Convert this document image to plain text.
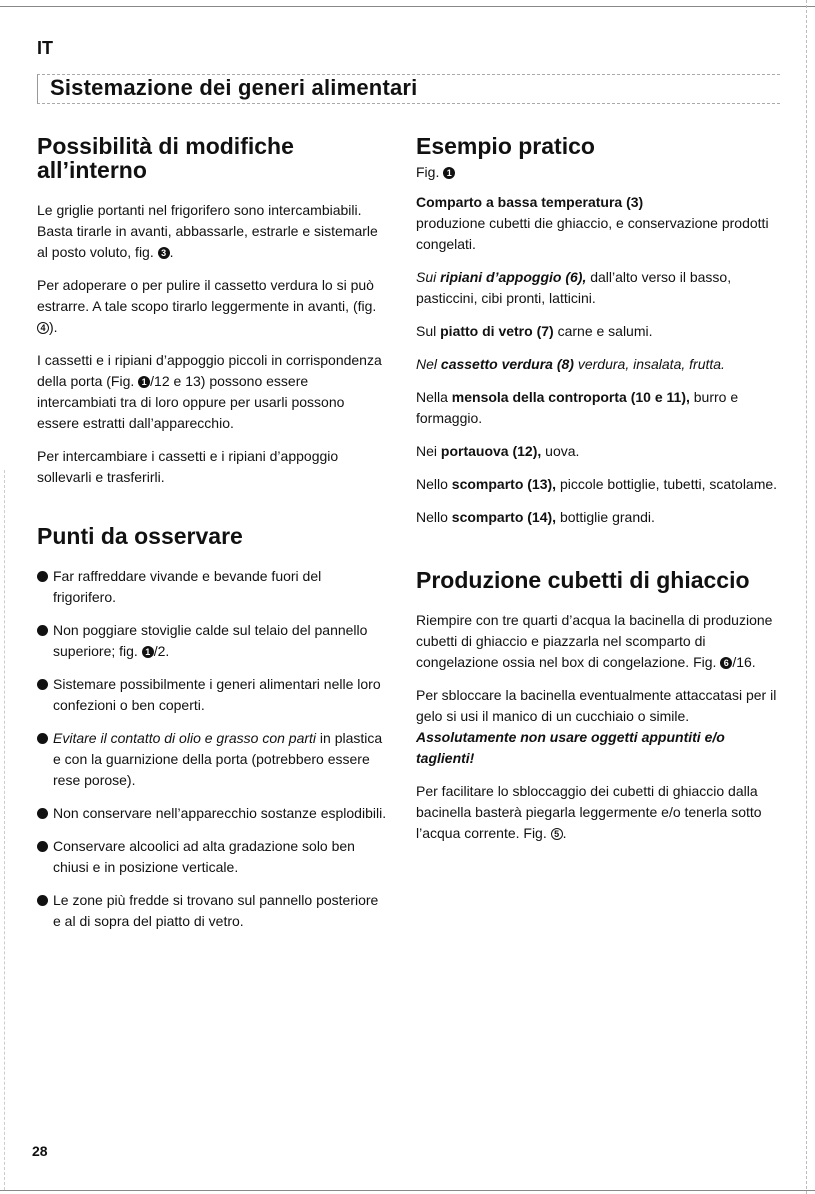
IT
Sistemazione dei generi alimentari
Possibilità di modifiche all’interno

Le griglie portanti nel frigorifero sono intercambiabili. Basta tirarle in avanti, abbassarle, estrarle e sistemarle al posto voluto, fig. 3 .

Per adoperare o per pulire il cassetto verdura lo si può estrarre. A tale scopo tirarlo leggermente in avanti, (fig. 4 ).

I cassetti e i ripiani d’appoggio piccoli in corrispondenza della porta (Fig. 1 /12 e 13) possono essere intercambiati tra di loro oppure per usarli possono essere estratti dall’apparecchio.

Per intercambiare i cassetti e i ripiani d’appoggio sollevarli e trasferirli.

Punti da osservare
Far raffreddare vivande e bevande fuori del frigorifero.
Non poggiare stoviglie calde sul telaio del pannello superiore; fig. 1 /2.
Sistemare possibilmente i generi alimentari nelle loro confezioni o ben coperti.
Evitare il contatto di olio e grasso con parti in plastica e con la guarnizione della porta (potrebbero essere rese porose).
Non conservare nell’apparecchio sostanze esplodibili.
Conservare alcoolici ad alta gradazione solo ben chiusi e in posizione verticale.
Le zone più fredde si trovano sul pannello posteriore e al di sopra del piatto di vetro.
Esempio pratico
Fig. 1

Comparto a bassa temperatura (3)
produzione cubetti die ghiaccio, e conservazione prodotti congelati.

Sui ripiani d’appoggio (6), dall’alto verso il basso, pasticcini, cibi pronti, latticini.

Sul piatto di vetro (7) carne e salumi.

Nel cassetto verdura (8) verdura, insalata, frutta.

Nella mensola della controporta (10 e 11), burro e formaggio.

Nei portauova (12), uova.

Nello scomparto (13), piccole bottiglie, tubetti, scatolame.

Nello scomparto (14), bottiglie grandi.

Produzione cubetti di ghiaccio

Riempire con tre quarti d’acqua la bacinella di produzione cubetti di ghiaccio e piazzarla nel scomparto di congelazione ossia nel box di congelazione. Fig. 6 /16.

Per sbloccare la bacinella eventualmente attaccatasi per il gelo si usi il manico di un cucchiaio o simile. Assolutamente non usare oggetti appuntiti e/o taglienti!

Per facilitare lo sbloccaggio dei cubetti di ghiaccio dalla bacinella basterà piegarla leggermente e/o tenerla sotto l’acqua corrente. Fig. 5 .

28
